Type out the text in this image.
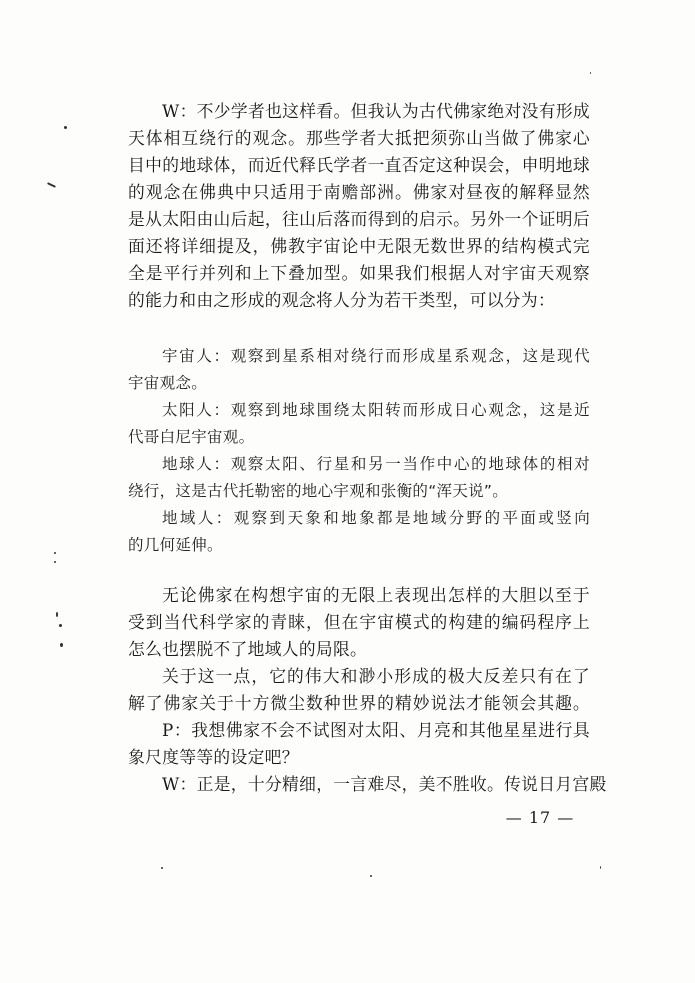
W：不少学者也这样看。但我认为古代佛家绝对没有形成
天体相互绕行的观念。那些学者大抵把须弥山当做了佛家心
目中的地球体，而近代释氏学者一直否定这种误会，申明地球
的观念在佛典中只适用于南赡部洲。佛家对昼夜的解释显然
是从太阳由山后起，往山后落而得到的启示。另外一个证明后
面还将详细提及，佛教宇宙论中无限无数世界的结构模式完
全是平行并列和上下叠加型。如果我们根据人对宇宙天观察
的能力和由之形成的观念将人分为若干类型，可以分为：
宇宙人：观察到星系相对绕行而形成星系观念，这是现代
宇宙观念。
太阳人：观察到地球围绕太阳转而形成日心观念，这是近
代哥白尼宇宙观。
地球人：观察太阳、行星和另一当作中心的地球体的相对
绕行，这是古代托勒密的地心宇观和张衡的“浑天说”。
地域人：观察到天象和地象都是地域分野的平面或竖向
的几何延伸。
无论佛家在构想宇宙的无限上表现出怎样的大胆以至于
受到当代科学家的青睐，但在宇宙模式的构建的编码程序上
怎么也摆脱不了地域人的局限。
关于这一点，它的伟大和渺小形成的极大反差只有在了
解了佛家关于十方微尘数种世界的精妙说法才能领会其趣。
P：我想佛家不会不试图对太阳、月亮和其他星星进行具
象尺度等等的设定吧？
W：正是，十分精细，一言难尽，美不胜收。传说日月宫殿
— 17 —
